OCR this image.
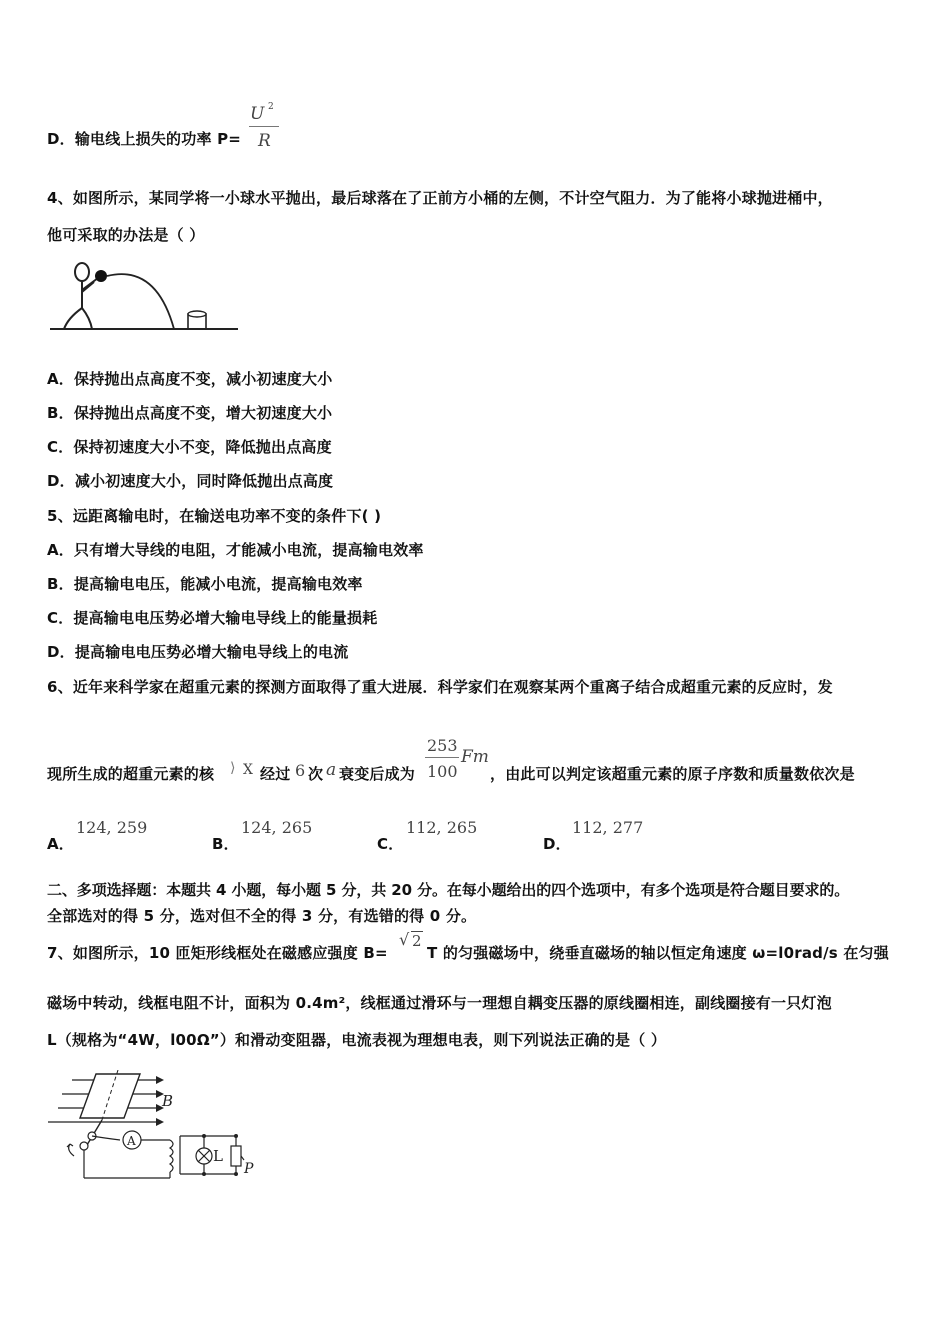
D．输电线上损失的功率 P=
U 2
R
4、如图所示，某同学将一小球水平抛出，最后球落在了正前方小桶的左侧，不计空气阻力．为了能将小球抛进桶中，
他可采取的办法是（ ）
A．保持抛出点高度不变，减小初速度大小
B．保持抛出点高度不变，增大初速度大小
C．保持初速度大小不变，降低抛出点高度
D．减小初速度大小，同时降低抛出点高度
5、远距离输电时，在输送电功率不变的条件下( )
A．只有增大导线的电阻，才能减小电流，提高输电效率
B．提高输电电压，能减小电流，提高输电效率
C．提高输电电压势必增大输电导线上的能量损耗
D．提高输电电压势必增大输电导线上的电流
6、近年来科学家在超重元素的探测方面取得了重大进展．科学家们在观察某两个重离子结合成超重元素的反应时，发
现所生成的超重元素的核 ⟩ X 经过 6 次 a 衰变后成为
253
100
Fm
，由此可以判定该超重元素的原子序数和质量数依次是
A．
124, 259
B．
124, 265
C．
112, 265
D．
112, 277
二、多项选择题：本题共 4 小题，每小题 5 分，共 20 分。在每小题给出的四个选项中，有多个选项是符合题目要求的。
全部选对的得 5 分，选对但不全的得 3 分，有选错的得 0 分。
7、如图所示，10 匝矩形线框处在磁感应强度 B=
√ 2
T 的匀强磁场中，绕垂直磁场的轴以恒定角速度 ω=l0rad/s 在匀强
磁场中转动，线框电阻不计，面积为 0.4m²，线框通过滑环与一理想自耦变压器的原线圈相连，副线圈接有一只灯泡
L（规格为“4W，l00Ω”）和滑动变阻器，电流表视为理想电表，则下列说法正确的是（ ）
B
A
L
P
